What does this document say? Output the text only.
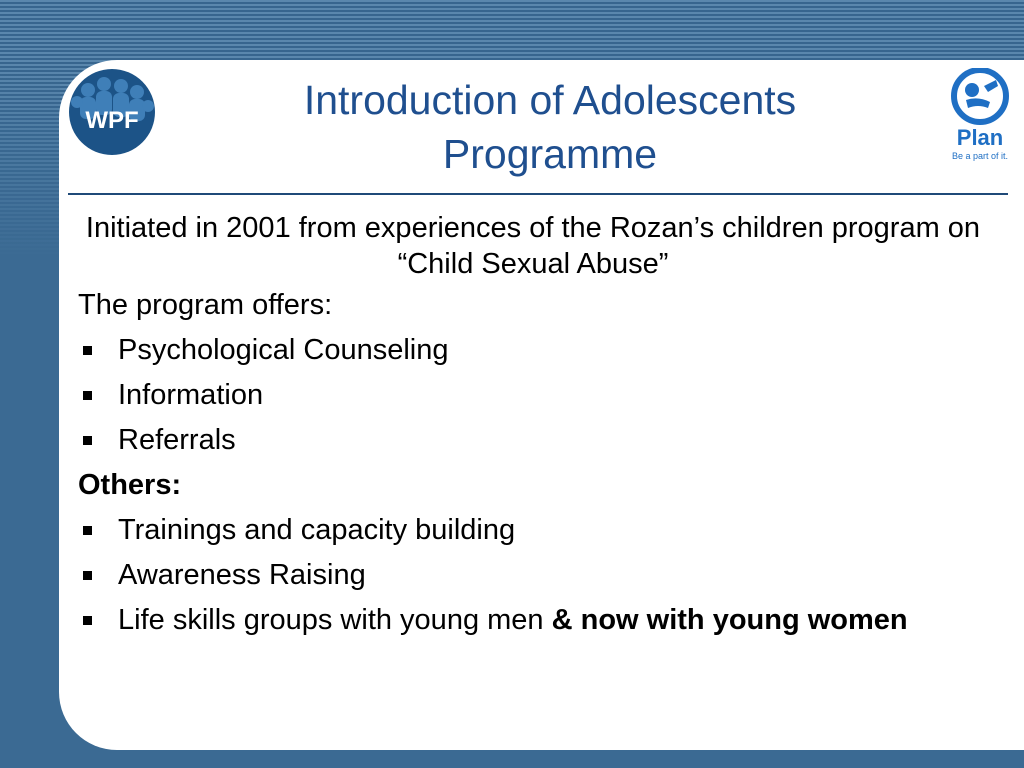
WPF
Plan
Be a part of it.
Introduction of Adolescents
Programme

Initiated in 2001 from experiences of the Rozan’s children program on “Child Sexual Abuse”

The program offers:

Psychological Counseling
Information
Referrals

Others:

Trainings and capacity building
Awareness Raising
Life skills groups with young men & now with young women
